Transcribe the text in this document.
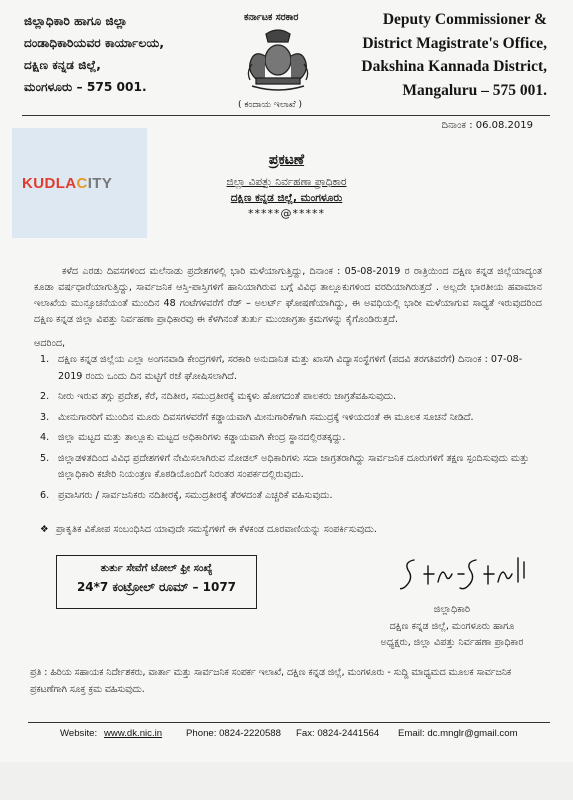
ಜಿಲ್ಲಾಧಿಕಾರಿ ಹಾಗೂ ಜಿಲ್ಲಾ
ದಂಡಾಧಿಕಾರಿಯವರ ಕಾರ್ಯಾಲಯ,
ದಕ್ಷಿಣ ಕನ್ನಡ ಜಿಲ್ಲೆ,
ಮಂಗಳೂರು – 575 001.
ಕರ್ನಾಟಕ ಸರಕಾರ
( ಕಂದಾಯ ಇಲಾಖೆ )
Deputy Commissioner &
District Magistrate's Office,
Dakshina Kannada District,
Mangaluru – 575 001.
ದಿನಾಂಕ : 06.08.2019
KUDLACITY
ಪ್ರಕಟಣೆ
ಜಿಲ್ಲಾ ವಿಪತ್ತು ನಿರ್ವಹಣಾ ಪ್ರಾಧಿಕಾರ
ದಕ್ಷಿಣ ಕನ್ನಡ ಜಿಲ್ಲೆ, ಮಂಗಳೂರು
*****@*****
ಕಳೆದ ಎರಡು ದಿವಸಗಳಿಂದ ಮಲೆನಾಡು ಪ್ರದೇಶಗಳಲ್ಲಿ ಭಾರಿ ಮಳೆಯಾಗುತ್ತಿದ್ದು, ದಿನಾಂಕ : 05-08-2019 ರ ರಾತ್ರಿಯಿಂದ ದಕ್ಷಿಣ ಕನ್ನಡ ಜಿಲ್ಲೆಯಾದ್ಯಂತ ಕೂಡಾ ವರ್ಷಧಾರೆಯಾಗುತ್ತಿದ್ದು, ಸಾರ್ವಜನಿಕ ಆಸ್ತಿ-ಪಾಸ್ತಿಗಳಿಗೆ ಹಾನಿಯಾಗಿರುವ ಬಗ್ಗೆ ವಿವಿಧ ತಾಲ್ಲೂಕುಗಳಿಂದ ವರದಿಯಾಗಿರುತ್ತದೆ . ಅಲ್ಲದೇ ಭಾರತೀಯ ಹವಾಮಾನ ಇಲಾಖೆಯ ಮುನ್ಸೂಚನೆಯಂತೆ ಮುಂದಿನ 48 ಗಂಟೆಗಳವರೆಗೆ ರೆಡ್ – ಅಲರ್ಟ್ ಘೋಷಣೆಯಾಗಿದ್ದು, ಈ ಅವಧಿಯಲ್ಲಿ ಭಾರೀ ಮಳೆಯಾಗುವ ಸಾಧ್ಯತೆ ಇರುವುದರಿಂದ ದಕ್ಷಿಣ ಕನ್ನಡ ಜಿಲ್ಲಾ ವಿಪತ್ತು ನಿರ್ವಹಣಾ ಪ್ರಾಧಿಕಾರವು ಈ ಕೆಳಗಿನಂತೆ ತುರ್ತು ಮುಂಜಾಗ್ರತಾ ಕ್ರಮಗಳನ್ನು ಕೈಗೊಂಡಿರುತ್ತದೆ.
ಆದರಿಂದ,
1. ದಕ್ಷಿಣ ಕನ್ನಡ ಜಿಲ್ಲೆಯ ಎಲ್ಲಾ ಅಂಗನವಾಡಿ ಕೇಂದ್ರಗಳಿಗೆ, ಸರಕಾರಿ ಅನುದಾನಿತ ಮತ್ತು ಖಾಸಗಿ ವಿದ್ಯಾಸಂಸ್ಥೆಗಳಿಗೆ (ಪದವಿ ತರಗತಿವರೆಗೆ) ದಿನಾಂಕ : 07-08-2019 ರಂದು ಒಂದು ದಿನ ಮಟ್ಟಿಗೆ ರಜೆ ಘೋಷಿಸಲಾಗಿದೆ.
2. ನೀರು ಇರುವ ತಗ್ಗು ಪ್ರದೇಶ, ಕೆರೆ, ನದಿತೀರ, ಸಮುದ್ರತೀರಕ್ಕೆ ಮಕ್ಕಳು ಹೋಗದಂತೆ ಪಾಲಕರು ಜಾಗ್ರತೆವಹಿಸುವುದು.
3. ಮೀನುಗಾರರಿಗೆ ಮುಂದಿನ ಮೂರು ದಿವಸಗಳವರೆಗೆ ಕಡ್ಡಾಯವಾಗಿ ಮೀನುಗಾರಿಕೆಗಾಗಿ ಸಮುದ್ರಕ್ಕೆ ಇಳಿಯದಂತೆ ಈ ಮೂಲಕ ಸೂಚನೆ ನೀಡಿದೆ.
4. ಜಿಲ್ಲಾ ಮಟ್ಟದ ಮತ್ತು ತಾಲ್ಲೂಕು ಮಟ್ಟದ ಅಧಿಕಾರಿಗಳು ಕಡ್ಡಾಯವಾಗಿ ಕೇಂದ್ರ ಸ್ಥಾನದಲ್ಲಿರತಕ್ಕದ್ದು.
5. ಜಿಲ್ಲಾಡಳಿತದಿಂದ ವಿವಿಧ ಪ್ರದೇಶಗಳಿಗೆ ನೇಮಿಸಲಾಗಿರುವ ನೋಡಲ್ ಅಧಿಕಾರಿಗಳು ಸದಾ ಜಾಗ್ರತರಾಗಿದ್ದು ಸಾರ್ವಜನಿಕ ದೂರುಗಳಿಗೆ ತಕ್ಷಣ ಸ್ಪಂದಿಸುವುದು ಮತ್ತು ಜಿಲ್ಲಾಧಿಕಾರಿ ಕಚೇರಿ ನಿಯಂತ್ರಣ ಕೊಠಡಿಯೊಂದಿಗೆ ನಿರಂತರ ಸಂಪರ್ಕದಲ್ಲಿರುವುದು.
6. ಪ್ರವಾಸಿಗರು / ಸಾರ್ವಜನಿಕರು ನದಿತೀರಕ್ಕೆ, ಸಮುದ್ರತೀರಕ್ಕೆ ತೆರಳದಂತೆ ಎಚ್ಚರಿಕೆ ವಹಿಸುವುದು.
❖ ಪ್ರಾಕೃತಿಕ ವಿಕೋಪ ಸಂಬಂಧಿಸಿದ ಯಾವುದೇ ಸಮಸ್ಯೆಗಳಿಗೆ ಈ ಕೆಳಕಂಡ ದೂರವಾಣಿಯನ್ನು ಸಂಪರ್ಕಿಸುವುದು.
ತುರ್ತು ಸೇವೆಗೆ ಟೋಲ್ ಫ್ರೀ ಸಂಖ್ಯೆ
24*7 ಕಂಟ್ರೋಲ್ ರೂಮ್ – 1077
ಜಿಲ್ಲಾಧಿಕಾರಿ
ದಕ್ಷಿಣ ಕನ್ನಡ ಜಿಲ್ಲೆ, ಮಂಗಳೂರು ಹಾಗೂ
ಅಧ್ಯಕ್ಷರು, ಜಿಲ್ಲಾ ವಿಪತ್ತು ನಿರ್ವಹಣಾ ಪ್ರಾಧಿಕಾರ
ಪ್ರತಿ : ಹಿರಿಯ ಸಹಾಯಕ ನಿರ್ದೇಶಕರು, ವಾರ್ತಾ ಮತ್ತು ಸಾರ್ವಜನಿಕ ಸಂಪರ್ಕ ಇಲಾಖೆ, ದಕ್ಷಿಣ ಕನ್ನಡ ಜಿಲ್ಲೆ, ಮಂಗಳೂರು - ಸುದ್ದಿ ಮಾಧ್ಯಮದ ಮೂಲಕ ಸಾರ್ವಜನಿಕ ಪ್ರಕಟಣೆಗಾಗಿ ಸೂಕ್ತ ಕ್ರಮ ವಹಿಸುವುದು.
Website: www.dk.nic.in Phone: 0824-2220588 Fax: 0824-2441564 Email: dc.mnglr@gmail.com
